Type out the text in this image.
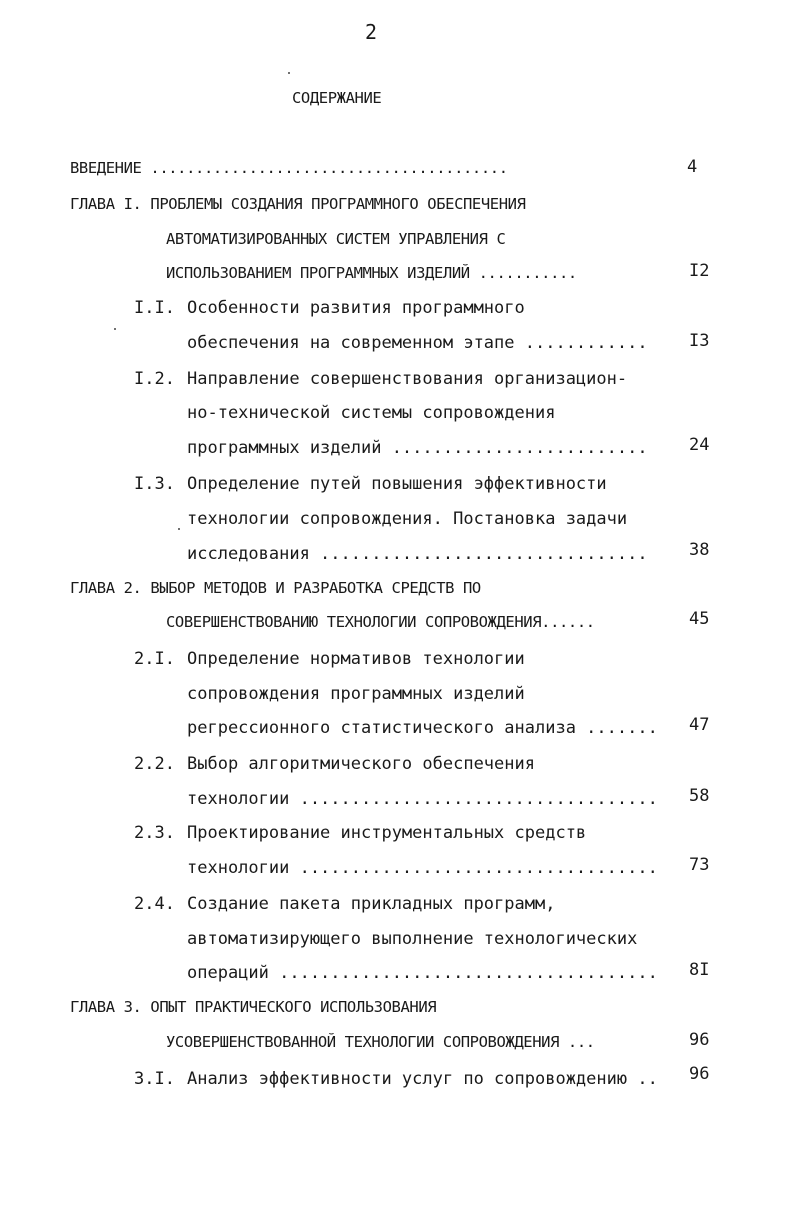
2
СОДЕРЖАНИЕ
ВВЕДЕНИЕ ........................................	4
ГЛАВА I. ПРОБЛЕМЫ СОЗДАНИЯ ПРОГРАММНОГО ОБЕСПЕЧЕНИЯ
АВТОМАТИЗИРОВАННЫХ СИСТЕМ УПРАВЛЕНИЯ С
ИСПОЛЬЗОВАНИЕМ ПРОГРАММНЫХ ИЗДЕЛИЙ ...........	I2
I.I. Особенности развития программного
обеспечения на современном этапе ............ I3
I.2. Направление совершенствования организацион-
но-технической системы сопровождения
программных изделий ......................... 24
I.3. Определение путей повышения эффективности
технологии сопровождения. Постановка задачи
исследования ................................ 38
ГЛАВА 2. ВЫБОР МЕТОДОВ И РАЗРАБОТКА СРЕДСТВ ПО
СОВЕРШЕНСТВОВАНИЮ ТЕХНОЛОГИИ СОПРОВОЖДЕНИЯ......	45
2.I. Определение нормативов технологии
сопровождения программных изделий
регрессионного статистического анализа ....... 47
2.2. Выбор алгоритмического обеспечения
технологии ................................... 58
2.3. Проектирование инструментальных средств
технологии ................................... 73
2.4. Создание пакета прикладных программ,
автоматизирующего выполнение технологических
операций ..................................... 8I
ГЛАВА 3. ОПЫТ ПРАКТИЧЕСКОГО ИСПОЛЬЗОВАНИЯ
УСОВЕРШЕНСТВОВАННОЙ ТЕХНОЛОГИИ СОПРОВОЖДЕНИЯ ...	96
3.I. Анализ эффективности услуг по сопровождению .. 96
